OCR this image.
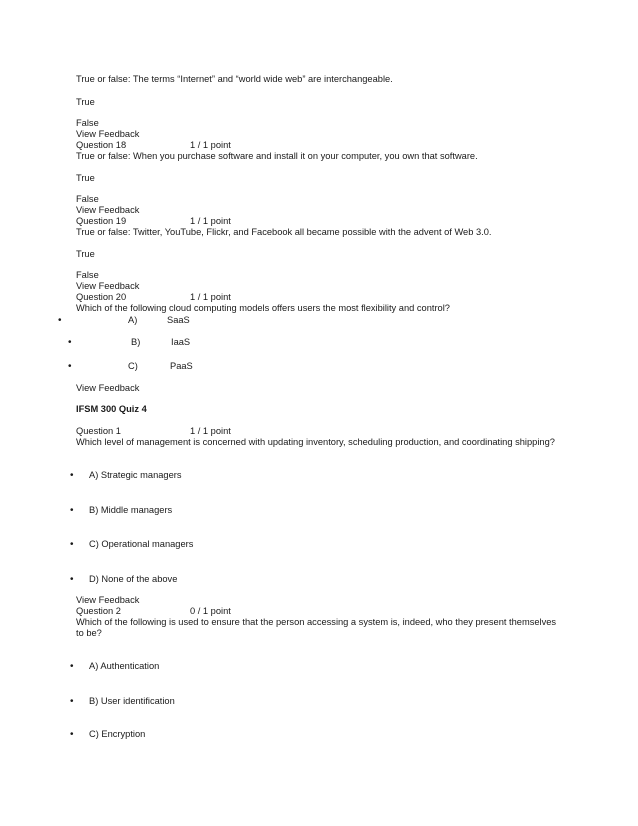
True or false: The terms “Internet” and “world wide web” are interchangeable.
True
False
View Feedback
Question 18	1 / 1 point
True or false: When you purchase software and install it on your computer, you own that software.
True
False
View Feedback
Question 19	1 / 1 point
True or false: Twitter, YouTube, Flickr, and Facebook all became possible with the advent of Web 3.0.
True
False
View Feedback
Question 20	1 / 1 point
Which of the following cloud computing models offers users the most flexibility and control?
•	A)	SaaS
•	B)	IaaS
•	C)	PaaS
View Feedback
IFSM 300 Quiz 4
Question 1	1 / 1 point
Which level of management is concerned with updating inventory, scheduling production, and coordinating shipping?
• A) Strategic managers
• B) Middle managers
• C) Operational managers
• D) None of the above
View Feedback
Question 2	0 / 1 point
Which of the following is used to ensure that the person accessing a system is, indeed, who they present themselves
to be?
• A) Authentication
• B) User identification
• C) Encryption
